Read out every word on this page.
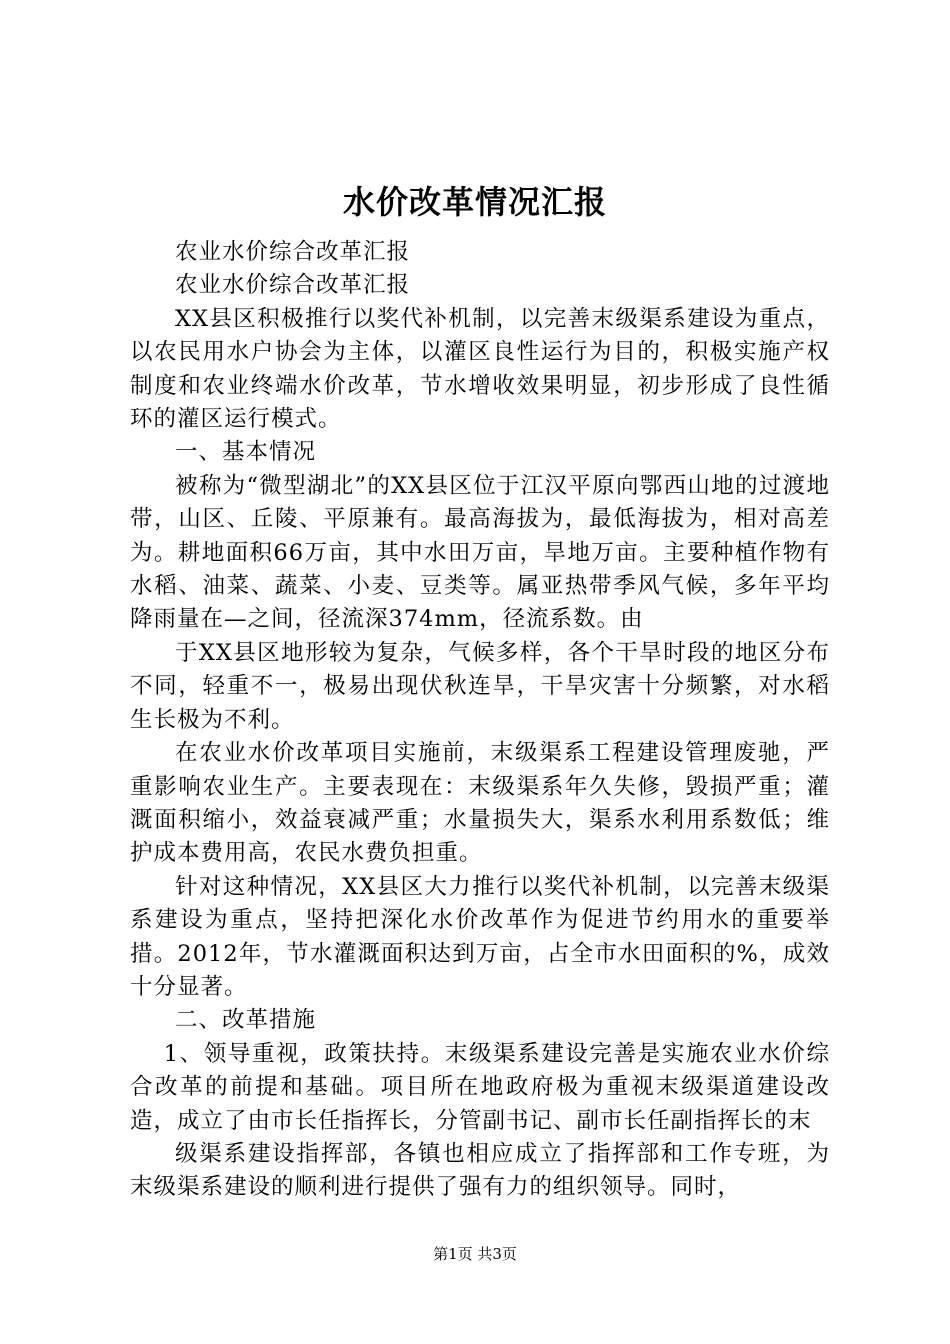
水价改革情况汇报

农业水价综合改革汇报

农业水价综合改革汇报

XX县区积极推行以奖代补机制，以完善末级渠系建设为重点，以农民用水户协会为主体，以灌区良性运行为目的，积极实施产权制度和农业终端水价改革，节水增收效果明显，初步形成了良性循环的灌区运行模式。

一、基本情况

被称为“微型湖北”的XX县区位于江汉平原向鄂西山地的过渡地带，山区、丘陵、平原兼有。最高海拔为，最低海拔为，相对高差为。耕地面积66万亩，其中水田万亩，旱地万亩。主要种植作物有水稻、油菜、蔬菜、小麦、豆类等。属亚热带季风气候，多年平均降雨量在—之间，径流深374mm，径流系数。由

于XX县区地形较为复杂，气候多样，各个干旱时段的地区分布不同，轻重不一，极易出现伏秋连旱，干旱灾害十分频繁，对水稻生长极为不利。

在农业水价改革项目实施前，末级渠系工程建设管理废驰，严重影响农业生产。主要表现在：末级渠系年久失修，毁损严重；灌溉面积缩小，效益衰减严重；水量损失大，渠系水利用系数低；维护成本费用高，农民水费负担重。

针对这种情况，XX县区大力推行以奖代补机制，以完善末级渠系建设为重点，坚持把深化水价改革作为促进节约用水的重要举措。2012年，节水灌溉面积达到万亩，占全市水田面积的%，成效十分显著。

二、改革措施

1、领导重视，政策扶持。末级渠系建设完善是实施农业水价综合改革的前提和基础。项目所在地政府极为重视末级渠道建设改造，成立了由市长任指挥长，分管副书记、副市长任副指挥长的末

级渠系建设指挥部，各镇也相应成立了指挥部和工作专班，为末级渠系建设的顺利进行提供了强有力的组织领导。同时，

第1页 共3页
